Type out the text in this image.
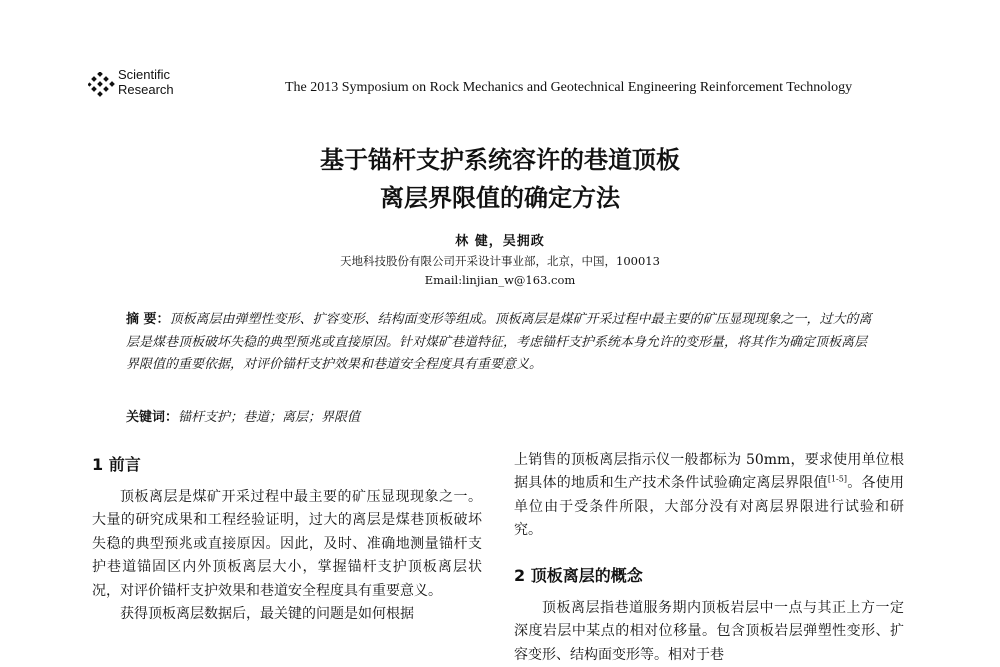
Scientific
Research	The 2013 Symposium on Rock Mechanics and Geotechnical Engineering Reinforcement Technology
基于锚杆支护系统容许的巷道顶板
离层界限值的确定方法
林 健，吴拥政
天地科技股份有限公司开采设计事业部，北京，中国，100013
Email:linjian_w@163.com
摘 要：顶板离层由弹塑性变形、扩容变形、结构面变形等组成。顶板离层是煤矿开采过程中最主要的矿压显现现象之一，过大的离层是煤巷顶板破坏失稳的典型预兆或直接原因。针对煤矿巷道特征，考虑锚杆支护系统本身允许的变形量，将其作为确定顶板离层界限值的重要依据，对评价锚杆支护效果和巷道安全程度具有重要意义。
关键词：锚杆支护；巷道；离层；界限值
1 前言

顶板离层是煤矿开采过程中最主要的矿压显现现象之一。大量的研究成果和工程经验证明，过大的离层是煤巷顶板破坏失稳的典型预兆或直接原因。因此，及时、准确地测量锚杆支护巷道锚固区内外顶板离层大小，掌握锚杆支护顶板离层状况，对评价锚杆支护效果和巷道安全程度具有重要意义。

获得顶板离层数据后，最关键的问题是如何根据

上销售的顶板离层指示仪一般都标为 50mm，要求使用单位根据具体的地质和生产技术条件试验确定离层界限值[1-5]。各使用单位由于受条件所限，大部分没有对离层界限进行试验和研究。

2 顶板离层的概念

顶板离层指巷道服务期内顶板岩层中一点与其正上方一定深度岩层中某点的相对位移量。包含顶板岩层弹塑性变形、扩容变形、结构面变形等。相对于巷
